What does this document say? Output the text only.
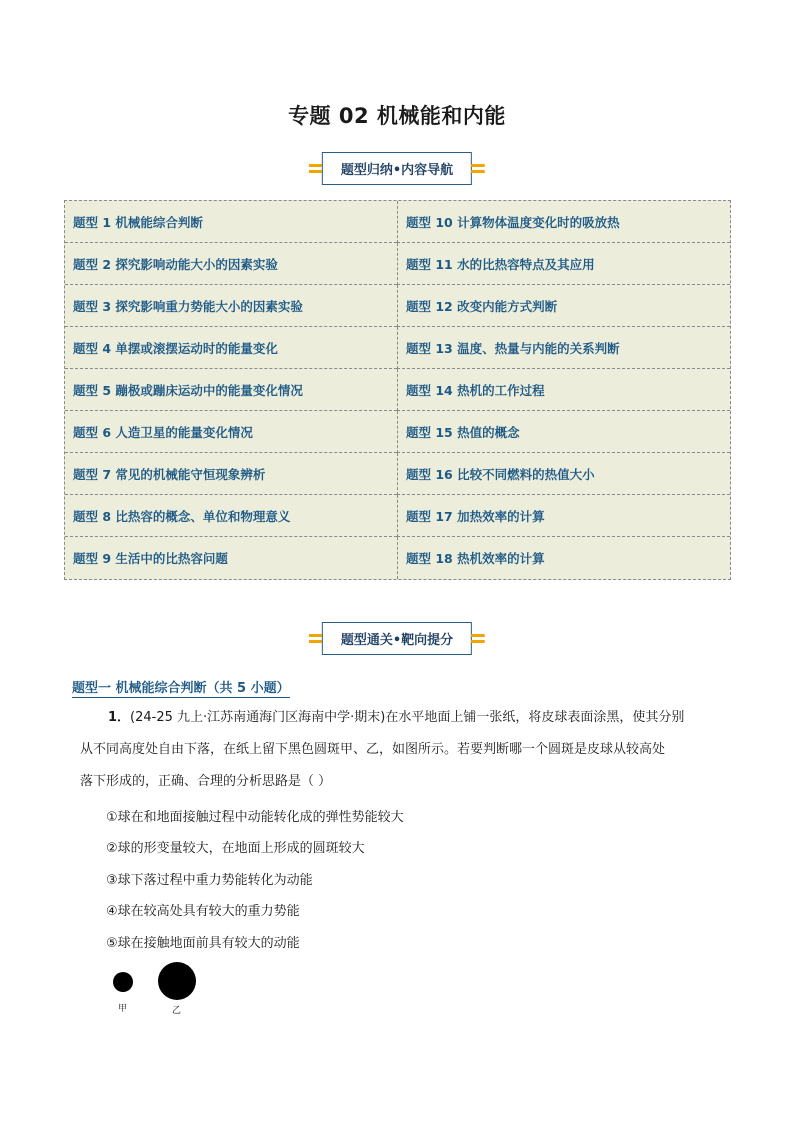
专题 02 机械能和内能
题型归纳•内容导航
题型 1 机械能综合判断	题型 10 计算物体温度变化时的吸放热
题型 2 探究影响动能大小的因素实验	题型 11 水的比热容特点及其应用
题型 3 探究影响重力势能大小的因素实验	题型 12 改变内能方式判断
题型 4 单摆或滚摆运动时的能量变化	题型 13 温度、热量与内能的关系判断
题型 5 蹦极或蹦床运动中的能量变化情况	题型 14 热机的工作过程
题型 6 人造卫星的能量变化情况	题型 15 热值的概念
题型 7 常见的机械能守恒现象辨析	题型 16 比较不同燃料的热值大小
题型 8 比热容的概念、单位和物理意义	题型 17 加热效率的计算
题型 9 生活中的比热容问题	题型 18 热机效率的计算
题型通关•靶向提分
题型一 机械能综合判断（共 5 小题）
1．(24-25 九上·江苏南通海门区海南中学·期末)在水平地面上铺一张纸，将皮球表面涂黑，使其分别
从不同高度处自由下落，在纸上留下黑色圆斑甲、乙，如图所示。若要判断哪一个圆斑是皮球从较高处
落下形成的，正确、合理的分析思路是（ ）
①球在和地面接触过程中动能转化成的弹性势能较大
②球的形变量较大，在地面上形成的圆斑较大
③球下落过程中重力势能转化为动能
④球在较高处具有较大的重力势能
⑤球在接触地面前具有较大的动能
甲	乙
